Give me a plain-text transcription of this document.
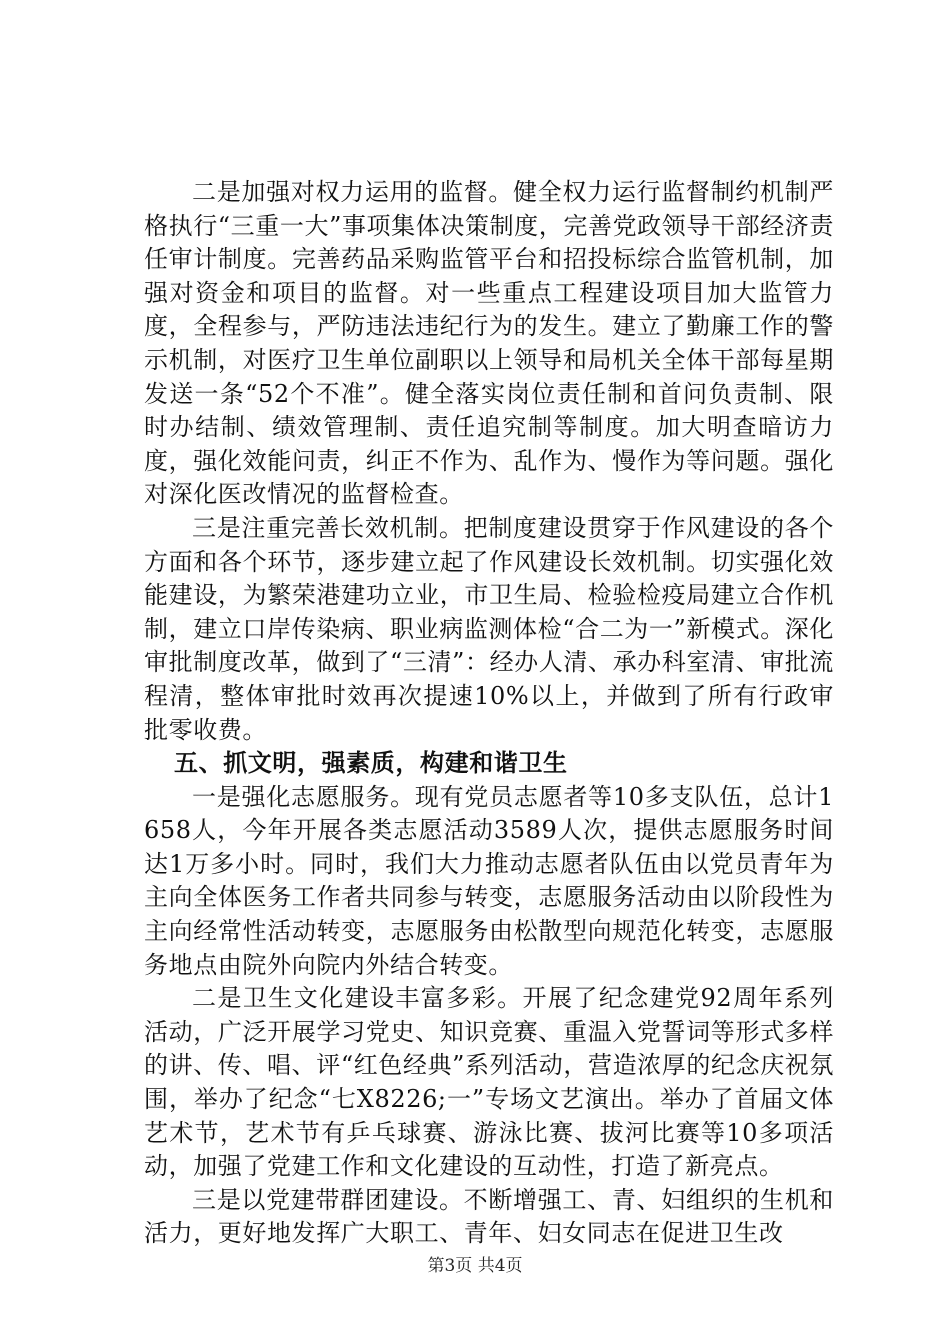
二是加强对权力运用的监督。健全权力运行监督制约机制严格执行“三重一大”事项集体决策制度，完善党政领导干部经济责任审计制度。完善药品采购监管平台和招投标综合监管机制，加强对资金和项目的监督。对一些重点工程建设项目加大监管力度，全程参与，严防违法违纪行为的发生。建立了勤廉工作的警示机制，对医疗卫生单位副职以上领导和局机关全体干部每星期发送一条“52个不准”。健全落实岗位责任制和首问负责制、限时办结制、绩效管理制、责任追究制等制度。加大明查暗访力度，强化效能问责，纠正不作为、乱作为、慢作为等问题。强化对深化医改情况的监督检查。

三是注重完善长效机制。把制度建设贯穿于作风建设的各个方面和各个环节，逐步建立起了作风建设长效机制。切实强化效能建设，为繁荣港建功立业，市卫生局、检验检疫局建立合作机制，建立口岸传染病、职业病监测体检“合二为一”新模式。深化审批制度改革，做到了“三清”：经办人清、承办科室清、审批流程清，整体审批时效再次提速10%以上，并做到了所有行政审批零收费。

五、抓文明，强素质，构建和谐卫生

一是强化志愿服务。现有党员志愿者等10多支队伍，总计1658人，今年开展各类志愿活动3589人次，提供志愿服务时间达1万多小时。同时，我们大力推动志愿者队伍由以党员青年为主向全体医务工作者共同参与转变，志愿服务活动由以阶段性为主向经常性活动转变，志愿服务由松散型向规范化转变，志愿服务地点由院外向院内外结合转变。

二是卫生文化建设丰富多彩。开展了纪念建党92周年系列活动，广泛开展学习党史、知识竞赛、重温入党誓词等形式多样的讲、传、唱、评“红色经典”系列活动，营造浓厚的纪念庆祝氛围，举办了纪念“七X8226;一”专场文艺演出。举办了首届文体艺术节，艺术节有乒乓球赛、游泳比赛、拔河比赛等10多项活动，加强了党建工作和文化建设的互动性，打造了新亮点。

三是以党建带群团建设。不断增强工、青、妇组织的生机和活力，更好地发挥广大职工、青年、妇女同志在促进卫生改

第3页 共4页
